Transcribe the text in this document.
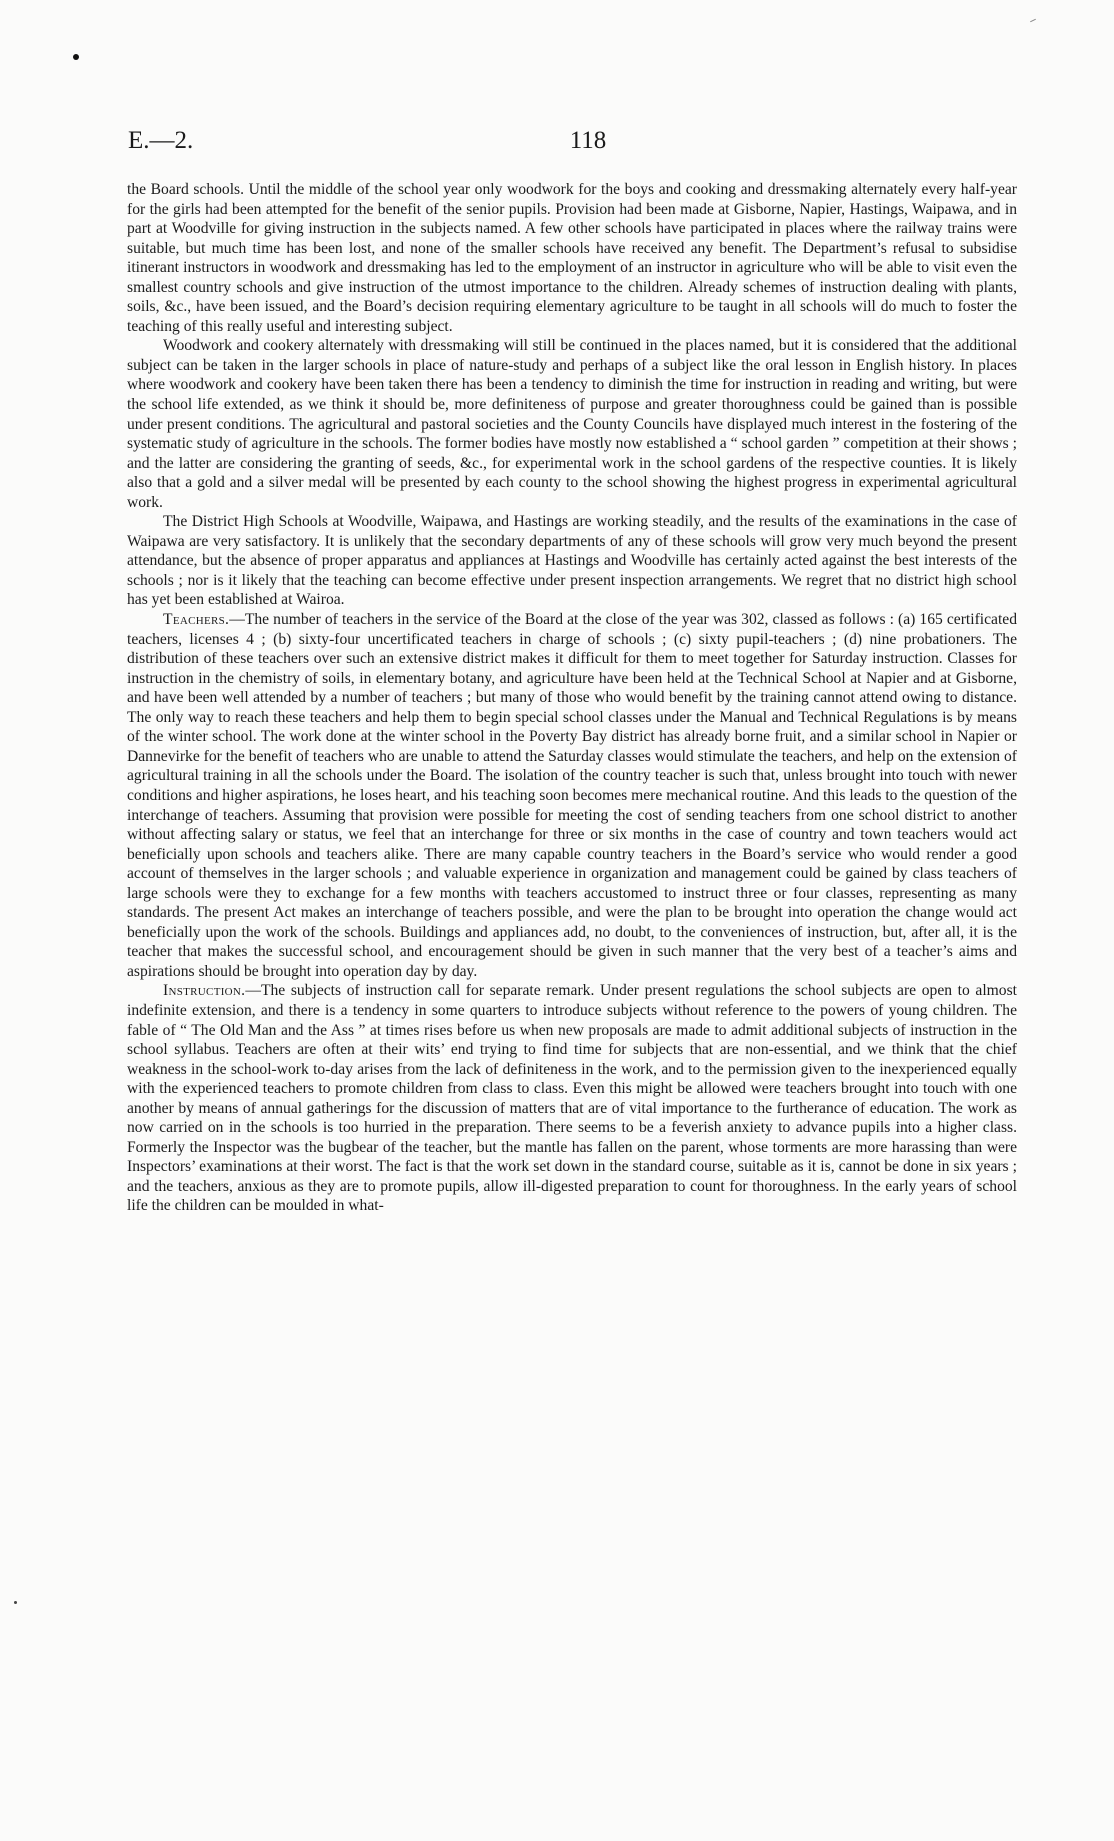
E.—2.	118

the Board schools. Until the middle of the school year only woodwork for the boys and cooking and dressmaking alternately every half-year for the girls had been attempted for the benefit of the senior pupils. Provision had been made at Gisborne, Napier, Hastings, Waipawa, and in part at Woodville for giving instruction in the subjects named. A few other schools have participated in places where the railway trains were suitable, but much time has been lost, and none of the smaller schools have received any benefit. The Department’s refusal to subsidise itinerant instructors in woodwork and dressmaking has led to the employment of an instructor in agriculture who will be able to visit even the smallest country schools and give instruction of the utmost importance to the children. Already schemes of instruction dealing with plants, soils, &c., have been issued, and the Board’s decision requiring elementary agriculture to be taught in all schools will do much to foster the teaching of this really useful and interesting subject.

Woodwork and cookery alternately with dressmaking will still be continued in the places named, but it is considered that the additional subject can be taken in the larger schools in place of nature-study and perhaps of a subject like the oral lesson in English history. In places where woodwork and cookery have been taken there has been a tendency to diminish the time for instruction in reading and writing, but were the school life extended, as we think it should be, more definiteness of purpose and greater thoroughness could be gained than is possible under present conditions. The agricultural and pastoral societies and the County Councils have displayed much interest in the fostering of the systematic study of agriculture in the schools. The former bodies have mostly now established a “ school garden ” competition at their shows ; and the latter are considering the granting of seeds, &c., for experimental work in the school gardens of the respective counties. It is likely also that a gold and a silver medal will be presented by each county to the school showing the highest progress in experimental agricultural work.

The District High Schools at Woodville, Waipawa, and Hastings are working steadily, and the results of the examinations in the case of Waipawa are very satisfactory. It is unlikely that the secondary departments of any of these schools will grow very much beyond the present attendance, but the absence of proper apparatus and appliances at Hastings and Woodville has certainly acted against the best interests of the schools ; nor is it likely that the teaching can become effective under present inspection arrangements. We regret that no district high school has yet been established at Wairoa.

Teachers.—The number of teachers in the service of the Board at the close of the year was 302, classed as follows : (a) 165 certificated teachers, licenses 4 ; (b) sixty-four uncertificated teachers in charge of schools ; (c) sixty pupil-teachers ; (d) nine probationers. The distribution of these teachers over such an extensive district makes it difficult for them to meet together for Saturday instruction. Classes for instruction in the chemistry of soils, in elementary botany, and agriculture have been held at the Technical School at Napier and at Gisborne, and have been well attended by a number of teachers ; but many of those who would benefit by the training cannot attend owing to distance. The only way to reach these teachers and help them to begin special school classes under the Manual and Technical Regulations is by means of the winter school. The work done at the winter school in the Poverty Bay district has already borne fruit, and a similar school in Napier or Dannevirke for the benefit of teachers who are unable to attend the Saturday classes would stimulate the teachers, and help on the extension of agricultural training in all the schools under the Board. The isolation of the country teacher is such that, unless brought into touch with newer conditions and higher aspirations, he loses heart, and his teaching soon becomes mere mechanical routine. And this leads to the question of the interchange of teachers. Assuming that provision were possible for meeting the cost of sending teachers from one school district to another without affecting salary or status, we feel that an interchange for three or six months in the case of country and town teachers would act beneficially upon schools and teachers alike. There are many capable country teachers in the Board’s service who would render a good account of themselves in the larger schools ; and valuable experience in organization and management could be gained by class teachers of large schools were they to exchange for a few months with teachers accustomed to instruct three or four classes, representing as many standards. The present Act makes an interchange of teachers possible, and were the plan to be brought into operation the change would act beneficially upon the work of the schools. Buildings and appliances add, no doubt, to the conveniences of instruction, but, after all, it is the teacher that makes the successful school, and encouragement should be given in such manner that the very best of a teacher’s aims and aspirations should be brought into operation day by day.

Instruction.—The subjects of instruction call for separate remark. Under present regulations the school subjects are open to almost indefinite extension, and there is a tendency in some quarters to introduce subjects without reference to the powers of young children. The fable of “ The Old Man and the Ass ” at times rises before us when new proposals are made to admit additional subjects of instruction in the school syllabus. Teachers are often at their wits’ end trying to find time for subjects that are non-essential, and we think that the chief weakness in the school-work to-day arises from the lack of definiteness in the work, and to the permission given to the inexperienced equally with the experienced teachers to promote children from class to class. Even this might be allowed were teachers brought into touch with one another by means of annual gatherings for the discussion of matters that are of vital importance to the furtherance of education. The work as now carried on in the schools is too hurried in the preparation. There seems to be a feverish anxiety to advance pupils into a higher class. Formerly the Inspector was the bugbear of the teacher, but the mantle has fallen on the parent, whose torments are more harassing than were Inspectors’ examinations at their worst. The fact is that the work set down in the standard course, suitable as it is, cannot be done in six years ; and the teachers, anxious as they are to promote pupils, allow ill-digested preparation to count for thoroughness. In the early years of school life the children can be moulded in what-
